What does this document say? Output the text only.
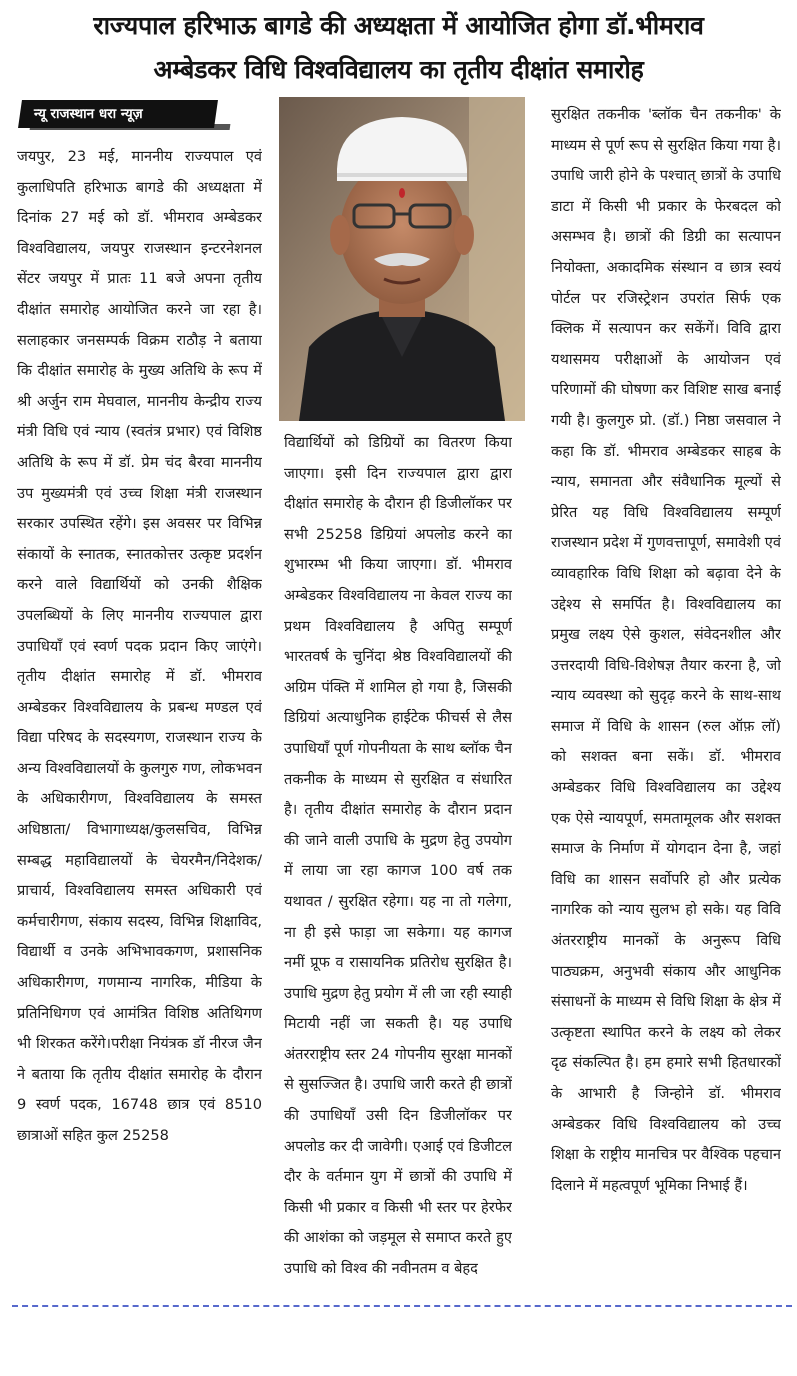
राज्यपाल हरिभाऊ बागडे की अध्यक्षता में आयोजित होगा डॉ.भीमराव
अम्बेडकर विधि विश्वविद्यालय का तृतीय दीक्षांत समारोह
न्यू राजस्थान धरा न्यूज़

जयपुर, 23 मई, माननीय राज्यपाल एवं कुलाधिपति हरिभाऊ बागडे की अध्यक्षता में दिनांक 27 मई को डॉ. भीमराव अम्बेडकर विश्वविद्यालय, जयपुर राजस्थान इन्टरनेशनल सेंटर जयपुर में प्रातः 11 बजे अपना तृतीय दीक्षांत समारोह आयोजित करने जा रहा है। सलाहकार जनसम्पर्क विक्रम राठौड़ ने बताया कि दीक्षांत समारोह के मुख्य अतिथि के रूप में श्री अर्जुन राम मेघवाल, माननीय केन्द्रीय राज्य मंत्री विधि एवं न्याय (स्वतंत्र प्रभार) एवं विशिष्ठ अतिथि के रूप में डॉ. प्रेम चंद बैरवा माननीय उप मुख्यमंत्री एवं उच्च शिक्षा मंत्री राजस्थान सरकार उपस्थित रहेंगे। इस अवसर पर विभिन्न संकायों के स्नातक, स्नातकोत्तर उत्कृष्ट प्रदर्शन करने वाले विद्यार्थियों को उनकी शैक्षिक उपलब्धियों के लिए माननीय राज्यपाल द्वारा उपाधियाँ एवं स्वर्ण पदक प्रदान किए जाएंगे। तृतीय दीक्षांत समारोह में डॉ. भीमराव अम्बेडकर विश्वविद्यालय के प्रबन्ध मण्डल एवं विद्या परिषद के सदस्यगण, राजस्थान राज्य के अन्य विश्वविद्यालयों के कुलगुरु गण, लोकभवन के अधिकारीगण, विश्वविद्यालय के समस्त अधिष्ठाता/ विभागाध्यक्ष/कुलसचिव, विभिन्न सम्बद्ध महाविद्यालयों के चेयरमैन/निदेशक/प्राचार्य, विश्वविद्यालय समस्त अधिकारी एवं कर्मचारीगण, संकाय सदस्य, विभिन्न शिक्षाविद, विद्यार्थी व उनके अभिभावकगण, प्रशासनिक अधिकारीगण, गणमान्य नागरिक, मीडिया के प्रतिनिधिगण एवं आमंत्रित विशिष्ठ अतिथिगण भी शिरकत करेंगे।परीक्षा नियंत्रक डॉ नीरज जैन ने बताया कि तृतीय दीक्षांत समारोह के दौरान 9 स्वर्ण पदक, 16748 छात्र एवं 8510 छात्राओं सहित कुल 25258

विद्यार्थियों को डिग्रियों का वितरण किया जाएगा। इसी दिन राज्यपाल द्वारा द्वारा दीक्षांत समारोह के दौरान ही डिजीलॉकर पर सभी 25258 डिग्रियां अपलोड करने का शुभारम्भ भी किया जाएगा। डॉ. भीमराव अम्बेडकर विश्वविद्यालय ना केवल राज्य का प्रथम विश्वविद्यालय है अपितु सम्पूर्ण भारतवर्ष के चुनिंदा श्रेष्ठ विश्वविद्यालयों की अग्रिम पंक्ति में शामिल हो गया है, जिसकी डिग्रियां अत्याधुनिक हाईटेक फीचर्स से लैस उपाधियाँ पूर्ण गोपनीयता के साथ ब्लॉक चैन तकनीक के माध्यम से सुरक्षित व संधारित है। तृतीय दीक्षांत समारोह के दौरान प्रदान की जाने वाली उपाधि के मुद्रण हेतु उपयोग में लाया जा रहा कागज 100 वर्ष तक यथावत / सुरक्षित रहेगा। यह ना तो गलेगा, ना ही इसे फाड़ा जा सकेगा। यह कागज नमीं प्रूफ व रासायनिक प्रतिरोध सुरक्षित है। उपाधि मुद्रण हेतु प्रयोग में ली जा रही स्याही मिटायी नहीं जा सकती है। यह उपाधि अंतरराष्ट्रीय स्तर 24 गोपनीय सुरक्षा मानकों से सुसज्जित है। उपाधि जारी करते ही छात्रों की उपाधियाँ उसी दिन डिजीलॉकर पर अपलोड कर दी जावेगी। एआई एवं डिजीटल दौर के वर्तमान युग में छात्रों की उपाधि में किसी भी प्रकार व किसी भी स्तर पर हेरफेर की आशंका को जड़मूल से समाप्त करते हुए उपाधि को विश्व की नवीनतम व बेहद

सुरक्षित तकनीक 'ब्लॉक चैन तकनीक' के माध्यम से पूर्ण रूप से सुरक्षित किया गया है। उपाधि जारी होने के पश्चात् छात्रों के उपाधि डाटा में किसी भी प्रकार के फेरबदल को असम्भव है। छात्रों की डिग्री का सत्यापन नियोक्ता, अकादमिक संस्थान व छात्र स्वयं पोर्टल पर रजिस्ट्रेशन उपरांत सिर्फ एक क्लिक में सत्यापन कर सकेंगें। विवि द्वारा यथासमय परीक्षाओं के आयोजन एवं परिणामों की घोषणा कर विशिष्ट साख बनाई गयी है। कुलगुरु प्रो. (डॉ.) निष्ठा जसवाल ने कहा कि डॉ. भीमराव अम्बेडकर साहब के न्याय, समानता और संवैधानिक मूल्यों से प्रेरित यह विधि विश्वविद्यालय सम्पूर्ण राजस्थान प्रदेश में गुणवत्तापूर्ण, समावेशी एवं व्यावहारिक विधि शिक्षा को बढ़ावा देने के उद्देश्य से समर्पित है। विश्वविद्यालय का प्रमुख लक्ष्य ऐसे कुशल, संवेदनशील और उत्तरदायी विधि-विशेषज्ञ तैयार करना है, जो न्याय व्यवस्था को सुदृढ़ करने के साथ-साथ समाज में विधि के शासन (रुल ऑफ़ लॉ) को सशक्त बना सकें। डॉ. भीमराव अम्बेडकर विधि विश्वविद्यालय का उद्देश्य एक ऐसे न्यायपूर्ण, समतामूलक और सशक्त समाज के निर्माण में योगदान देना है, जहां विधि का शासन सर्वोपरि हो और प्रत्येक नागरिक को न्याय सुलभ हो सके। यह विवि अंतरराष्ट्रीय मानकों के अनुरूप विधि पाठ्यक्रम, अनुभवी संकाय और आधुनिक संसाधनों के माध्यम से विधि शिक्षा के क्षेत्र में उत्कृष्टता स्थापित करने के लक्ष्य को लेकर दृढ संकल्पित है। हम हमारे सभी हितधारकों के आभारी है जिन्होने डॉ. भीमराव अम्बेडकर विधि विश्वविद्यालय को उच्च शिक्षा के राष्ट्रीय मानचित्र पर वैश्विक पहचान दिलाने में महत्वपूर्ण भूमिका निभाई हैं।
